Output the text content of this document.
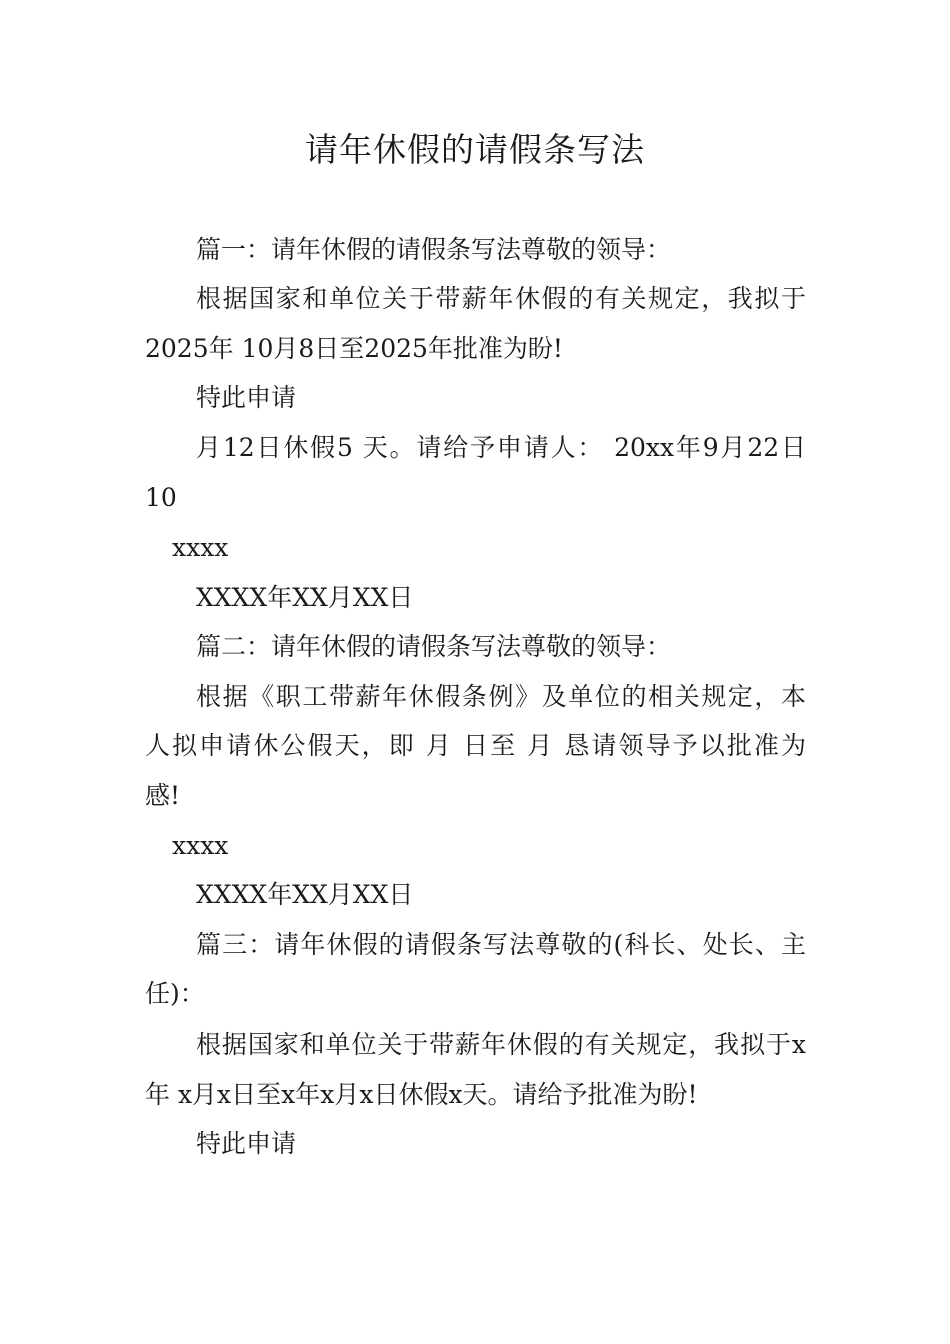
请年休假的请假条写法
篇一：请年休假的请假条写法尊敬的领导：
根据国家和单位关于带薪年休假的有关规定，我拟于
2025年 10月8日至2025年批准为盼!
特此申请
月12日休假5 天。请给予申请人： 20xx年9月22日
10
xxxx
XXXX年XX月XX日
篇二：请年休假的请假条写法尊敬的领导：
根据《职工带薪年休假条例》及单位的相关规定，本
人拟申请休公假天，即 月 日至 月 恳请领导予以批准为
感!
xxxx
XXXX年XX月XX日
篇三：请年休假的请假条写法尊敬的(科长、处长、主
任)：
根据国家和单位关于带薪年休假的有关规定，我拟于x
年 x月x日至x年x月x日休假x天。请给予批准为盼!
特此申请
